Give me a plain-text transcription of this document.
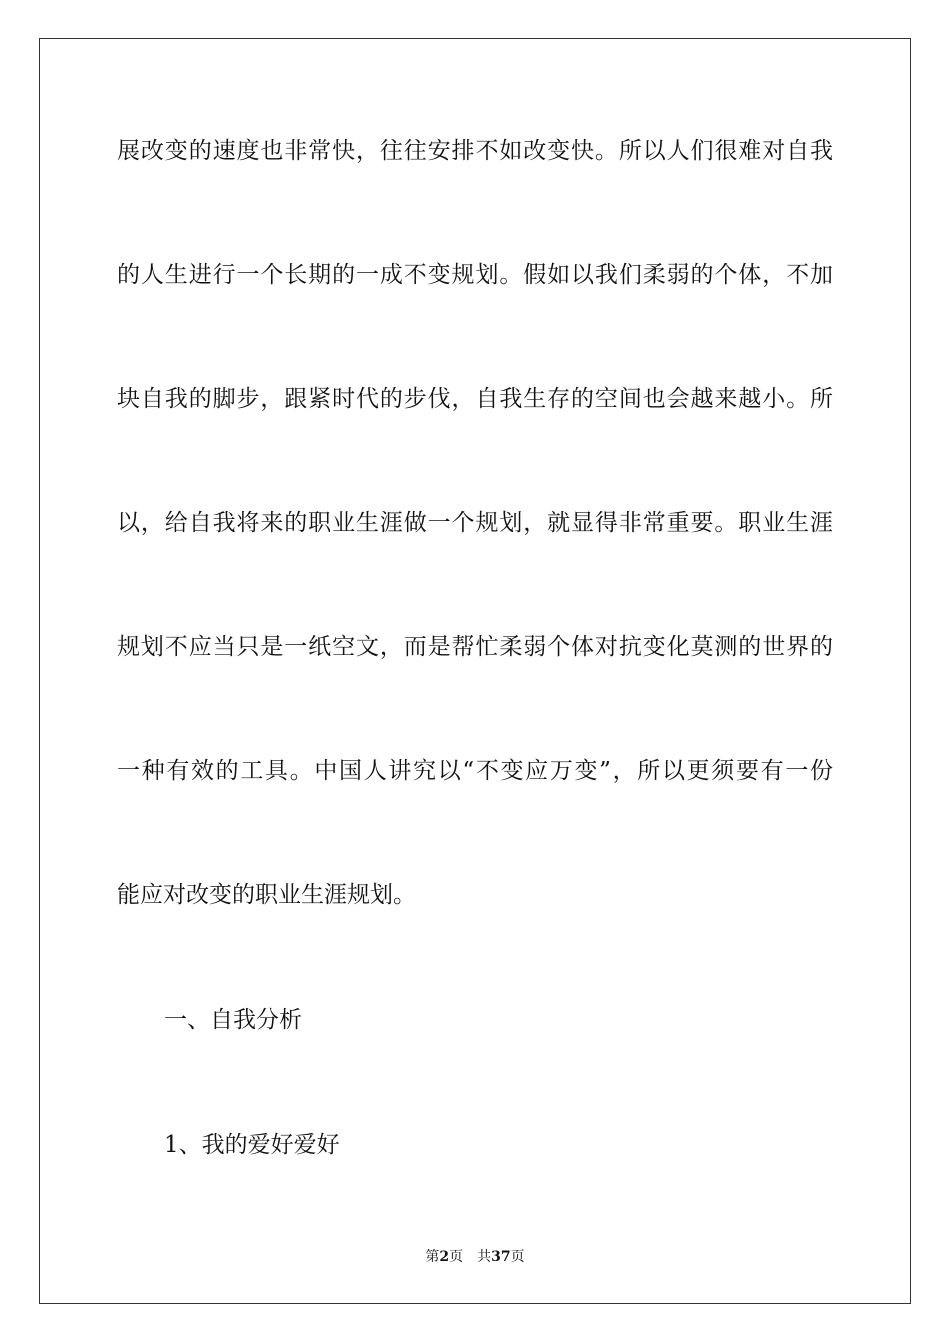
展改变的速度也非常快，往往安排不如改变快。所以人们很难对自我
的人生进行一个长期的一成不变规划。假如以我们柔弱的个体，不加
块自我的脚步，跟紧时代的步伐，自我生存的空间也会越来越小。所
以，给自我将来的职业生涯做一个规划，就显得非常重要。职业生涯
规划不应当只是一纸空文，而是帮忙柔弱个体对抗变化莫测的世界的
一种有效的工具。中国人讲究以“不变应万变”，所以更须要有一份
能应对改变的职业生涯规划。
一、自我分析
1、我的爱好爱好
第2页 共37页
